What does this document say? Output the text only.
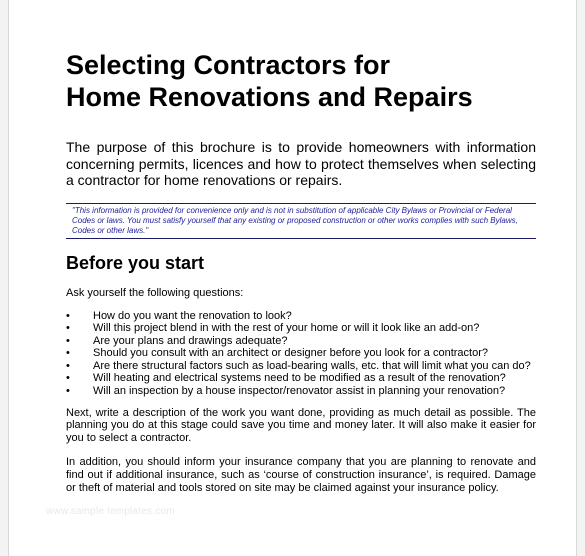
Selecting Contractors for
Home Renovations and Repairs
The purpose of this brochure is to provide homeowners with information concerning permits, licences and how to protect themselves when selecting a contractor for home renovations or repairs.
"This information is provided for convenience only and is not in substitution of applicable City Bylaws or Provincial or Federal Codes or laws. You must satisfy yourself that any existing or proposed construction or other works complies with such Bylaws, Codes or other laws."
Before you start
Ask yourself the following questions:
• How do you want the renovation to look?
• Will this project blend in with the rest of your home or will it look like an add-on?
• Are your plans and drawings adequate?
• Should you consult with an architect or designer before you look for a contractor?
• Are there structural factors such as load-bearing walls, etc. that will limit what you can do?
• Will heating and electrical systems need to be modified as a result of the renovation?
• Will an inspection by a house inspector/renovator assist in planning your renovation?
Next, write a description of the work you want done, providing as much detail as possible. The planning you do at this stage could save you time and money later. It will also make it easier for you to select a contractor.
In addition, you should inform your insurance company that you are planning to renovate and find out if additional insurance, such as ‘course of construction insurance’, is required. Damage or theft of material and tools stored on site may be claimed against your insurance policy.
www.sample templates.com
